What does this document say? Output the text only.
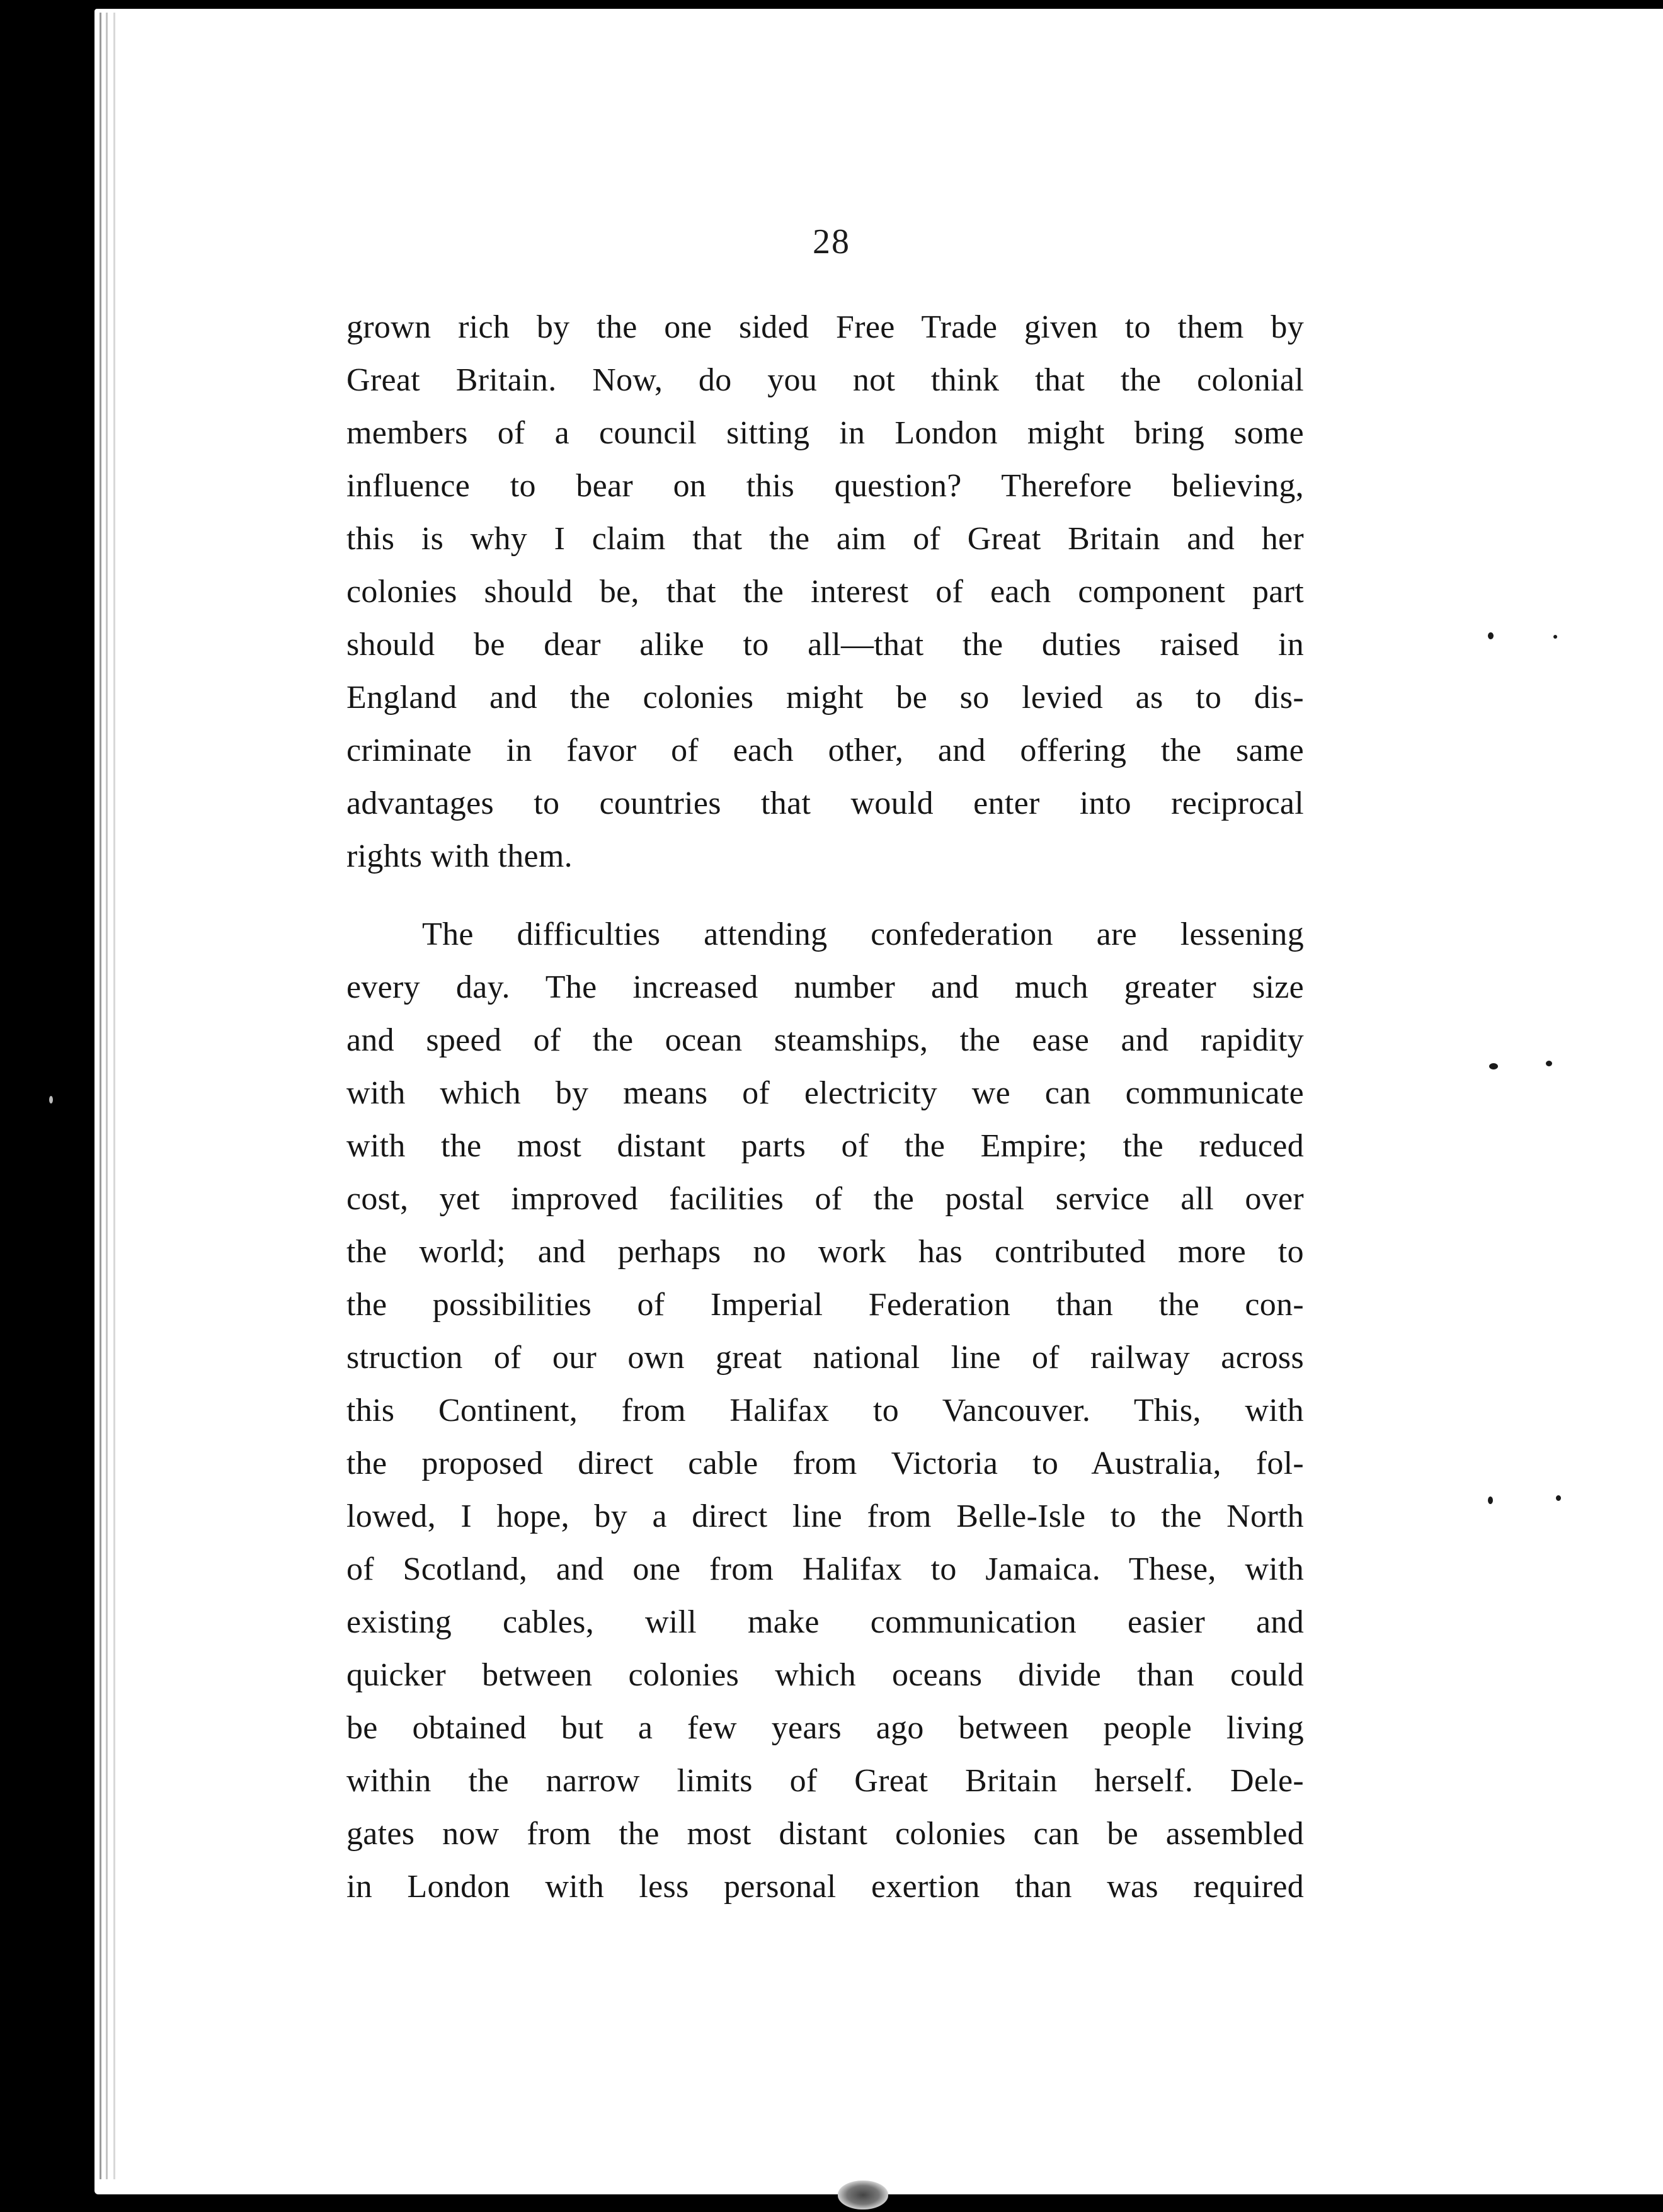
28
grown rich by the one sided Free Trade given to them by
Great Britain. Now, do you not think that the colonial
members of a council sitting in London might bring some
influence to bear on this question? Therefore believing,
this is why I claim that the aim of Great Britain and her
colonies should be, that the interest of each component part
should be dear alike to all—that the duties raised in
England and the colonies might be so levied as to dis-
criminate in favor of each other, and offering the same
advantages to countries that would enter into reciprocal
rights with them.
The difficulties attending confederation are lessening
every day. The increased number and much greater size
and speed of the ocean steamships, the ease and rapidity
with which by means of electricity we can communicate
with the most distant parts of the Empire; the reduced
cost, yet improved facilities of the postal service all over
the world; and perhaps no work has contributed more to
the possibilities of Imperial Federation than the con-
struction of our own great national line of railway across
this Continent, from Halifax to Vancouver. This, with
the proposed direct cable from Victoria to Australia, fol-
lowed, I hope, by a direct line from Belle-Isle to the North
of Scotland, and one from Halifax to Jamaica. These, with
existing cables, will make communication easier and
quicker between colonies which oceans divide than could
be obtained but a few years ago between people living
within the narrow limits of Great Britain herself. Dele-
gates now from the most distant colonies can be assembled
in London with less personal exertion than was required
